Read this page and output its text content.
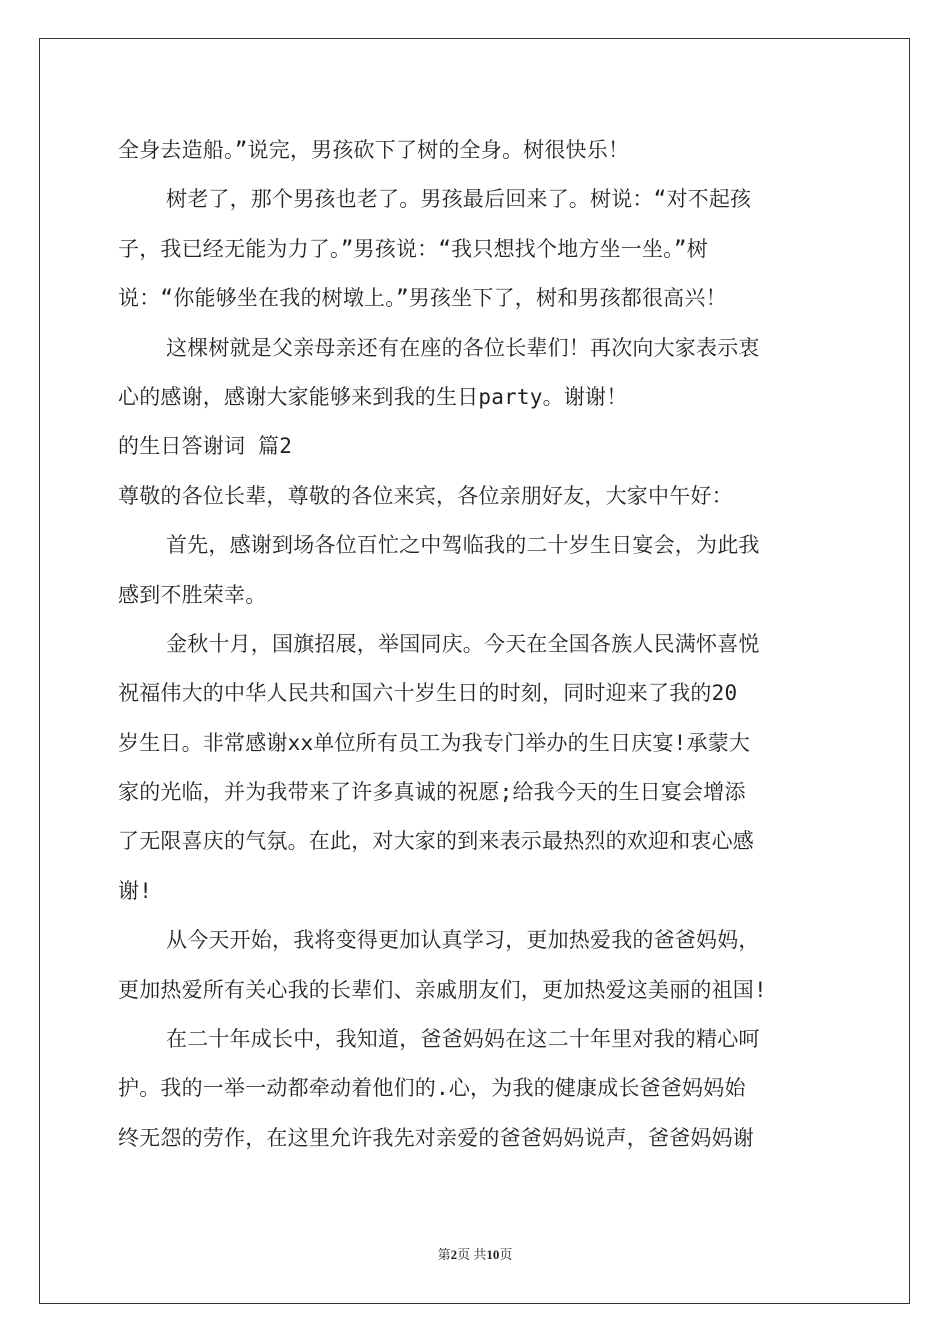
全身去造船。”说完，男孩砍下了树的全身。树很快乐！
树老了，那个男孩也老了。男孩最后回来了。树说：“对不起孩
子，我已经无能为力了。”男孩说：“我只想找个地方坐一坐。”树
说：“你能够坐在我的树墩上。”男孩坐下了，树和男孩都很高兴！
这棵树就是父亲母亲还有在座的各位长辈们！再次向大家表示衷
心的感谢，感谢大家能够来到我的生日party。谢谢！
的生日答谢词 篇2
尊敬的各位长辈，尊敬的各位来宾，各位亲朋好友，大家中午好：
首先，感谢到场各位百忙之中驾临我的二十岁生日宴会，为此我
感到不胜荣幸。
金秋十月，国旗招展，举国同庆。今天在全国各族人民满怀喜悦
祝福伟大的中华人民共和国六十岁生日的时刻，同时迎来了我的20
岁生日。非常感谢xx单位所有员工为我专门举办的生日庆宴!承蒙大
家的光临，并为我带来了许多真诚的祝愿;给我今天的生日宴会增添
了无限喜庆的气氛。在此，对大家的到来表示最热烈的欢迎和衷心感
谢!
从今天开始，我将变得更加认真学习，更加热爱我的爸爸妈妈，
更加热爱所有关心我的长辈们、亲戚朋友们，更加热爱这美丽的祖国!
在二十年成长中，我知道，爸爸妈妈在这二十年里对我的精心呵
护。我的一举一动都牵动着他们的.心，为我的健康成长爸爸妈妈始
终无怨的劳作，在这里允许我先对亲爱的爸爸妈妈说声，爸爸妈妈谢
第2页 共10页
